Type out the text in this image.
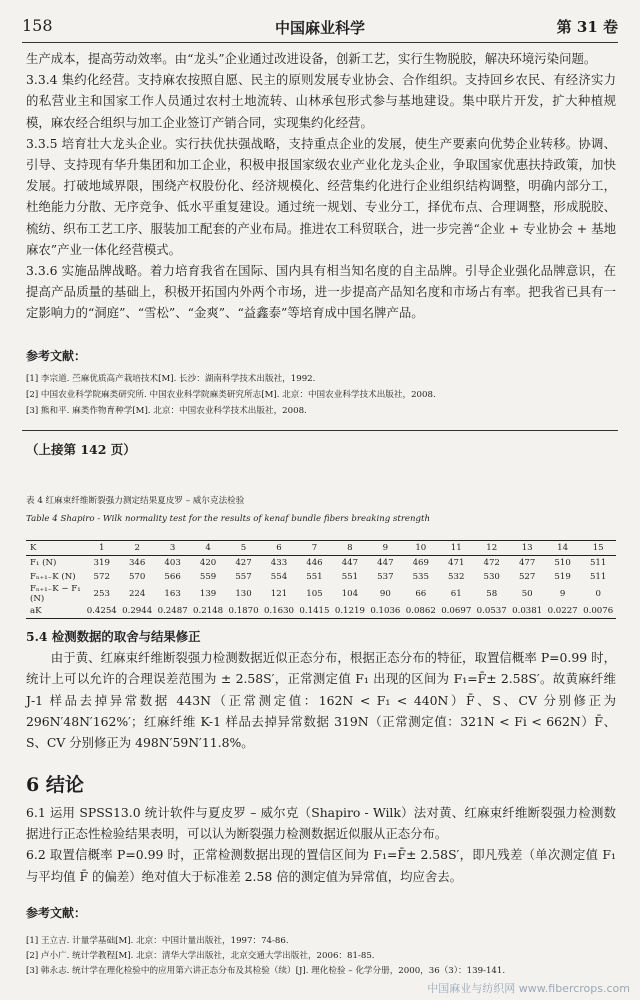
158	中国麻业科学	第 31 卷

生产成本，提高劳动效率。由“龙头”企业通过改进设备，创新工艺，实行生物脱胶，解决环境污染问题。

3.3.4 集约化经营。支持麻农按照自愿、民主的原则发展专业协会、合作组织。支持回乡农民、有经济实力的私营业主和国家工作人员通过农村土地流转、山林承包形式参与基地建设。集中联片开发，扩大种植规模，麻农经合组织与加工企业签订产销合同，实现集约化经营。

3.3.5 培育壮大龙头企业。实行扶优扶强战略，支持重点企业的发展，使生产要素向优势企业转移。协调、引导、支持现有华升集团和加工企业，积极申报国家级农业产业化龙头企业，争取国家优惠扶持政策，加快发展。打破地域界限，围绕产权股份化、经济规模化、经营集约化进行企业组织结构调整，明确内部分工，杜绝能力分散、无序竞争、低水平重复建设。通过统一规划、专业分工，择优布点、合理调整，形成脱胶、梳纺、织布工艺工序、服装加工配套的产业布局。推进农工科贸联合，进一步完善“企业 + 专业协会 + 基地麻农”产业一体化经营模式。

3.3.6 实施品牌战略。着力培育我省在国际、国内具有相当知名度的自主品牌。引导企业强化品牌意识，在提高产品质量的基础上，积极开拓国内外两个市场，进一步提高产品知名度和市场占有率。把我省已具有一定影响力的“洞庭”、“雪松”、“金爽”、“益鑫泰”等培育成中国名牌产品。

参考文献：
[1] 李宗道. 苎麻优质高产栽培技术[M]. 长沙：湖南科学技术出版社，1992.
[2] 中国农业科学院麻类研究所. 中国农业科学院麻类研究所志[M]. 北京：中国农业科学技术出版社，2008.
[3] 熊和平. 麻类作物育种学[M]. 北京：中国农业科学技术出版社，2008.
（上接第 142 页）
表 4 红麻束纤维断裂强力测定结果夏皮罗 – 威尔克法检验
Table 4 Shapiro - Wilk normality test for the results of kenaf bundle fibers breaking strength
K	1	2	3	4	5	6	7	8	9	10	11	12	13	14	15
F₁ (N)	319	346	403	420	427	433	446	447	447	469	471	472	477	510	511
Fₙ₊₁₋K (N)	572	570	566	559	557	554	551	551	537	535	532	530	527	519	511
Fₙ₊₁₋K − F₁ (N)	253	224	163	139	130	121	105	104	90	66	61	58	50	9	0
aK	0.4254	0.2944	0.2487	0.2148	0.1870	0.1630	0.1415	0.1219	0.1036	0.0862	0.0697	0.0537	0.0381	0.0227	0.0076
5.4 检测数据的取舍与结果修正

由于黄、红麻束纤维断裂强力检测数据近似正态分布，根据正态分布的特征，取置信概率 P=0.99 时，统计上可以允许的合理误差范围为 ± 2.58S′，正常测定值 F₁ 出现的区间为 F₁=F̄± 2.58S′。故黄麻纤维 J-1 样品去掉异常数据 443N（正常测定值：162N < F₁ < 440N）F̄、S、CV 分别修正为 296N′48N′162%′；红麻纤维 K-1 样品去掉异常数据 319N（正常测定值：321N < Fi < 662N）F̄、S、CV 分别修正为 498N′59N′11.8%。

6 结论

6.1 运用 SPSS13.0 统计软件与夏皮罗 – 威尔克（Shapiro - Wilk）法对黄、红麻束纤维断裂强力检测数据进行正态性检验结果表明，可以认为断裂强力检测数据近似服从正态分布。

6.2 取置信概率 P=0.99 时，正常检测数据出现的置信区间为 F₁=F̄± 2.58S′，即凡残差（单次测定值 F₁ 与平均值 F̄ 的偏差）绝对值大于标准差 2.58 倍的测定值为异常值，均应舍去。

参考文献：
[1] 王立吉. 计量学基础[M]. 北京：中国计量出版社，1997：74-86.
[2] 卢小广. 统计学教程[M]. 北京：清华大学出版社，北京交通大学出版社，2006：81-85.
[3] 韩永志. 统计学在理化检验中的应用第六讲正态分布及其检验（续）[J]. 理化检验 – 化学分册，2000，36（3）：139-141.
中国麻业与纺织网 www.fibercrops.com
